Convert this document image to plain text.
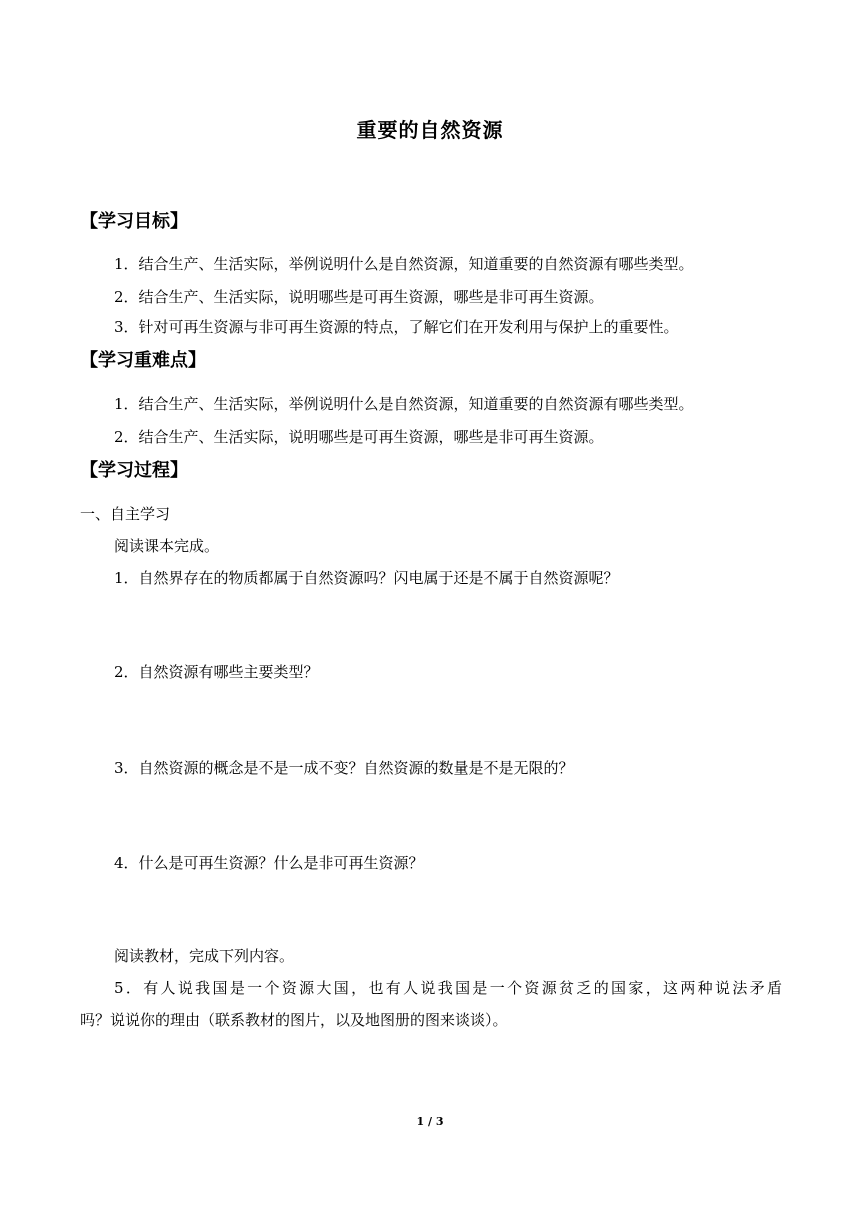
重要的自然资源
【学习目标】
1．结合生产、生活实际，举例说明什么是自然资源，知道重要的自然资源有哪些类型。
2．结合生产、生活实际，说明哪些是可再生资源，哪些是非可再生资源。
3．针对可再生资源与非可再生资源的特点，了解它们在开发利用与保护上的重要性。
【学习重难点】
1．结合生产、生活实际，举例说明什么是自然资源，知道重要的自然资源有哪些类型。
2．结合生产、生活实际，说明哪些是可再生资源，哪些是非可再生资源。
【学习过程】
一、自主学习
阅读课本完成。
1．自然界存在的物质都属于自然资源吗？闪电属于还是不属于自然资源呢？
2．自然资源有哪些主要类型？
3．自然资源的概念是不是一成不变？自然资源的数量是不是无限的？
4．什么是可再生资源？什么是非可再生资源？
阅读教材，完成下列内容。
5．有人说我国是一个资源大国，也有人说我国是一个资源贫乏的国家，这两种说法矛盾
吗？说说你的理由（联系教材的图片，以及地图册的图来谈谈）。
1 / 3
